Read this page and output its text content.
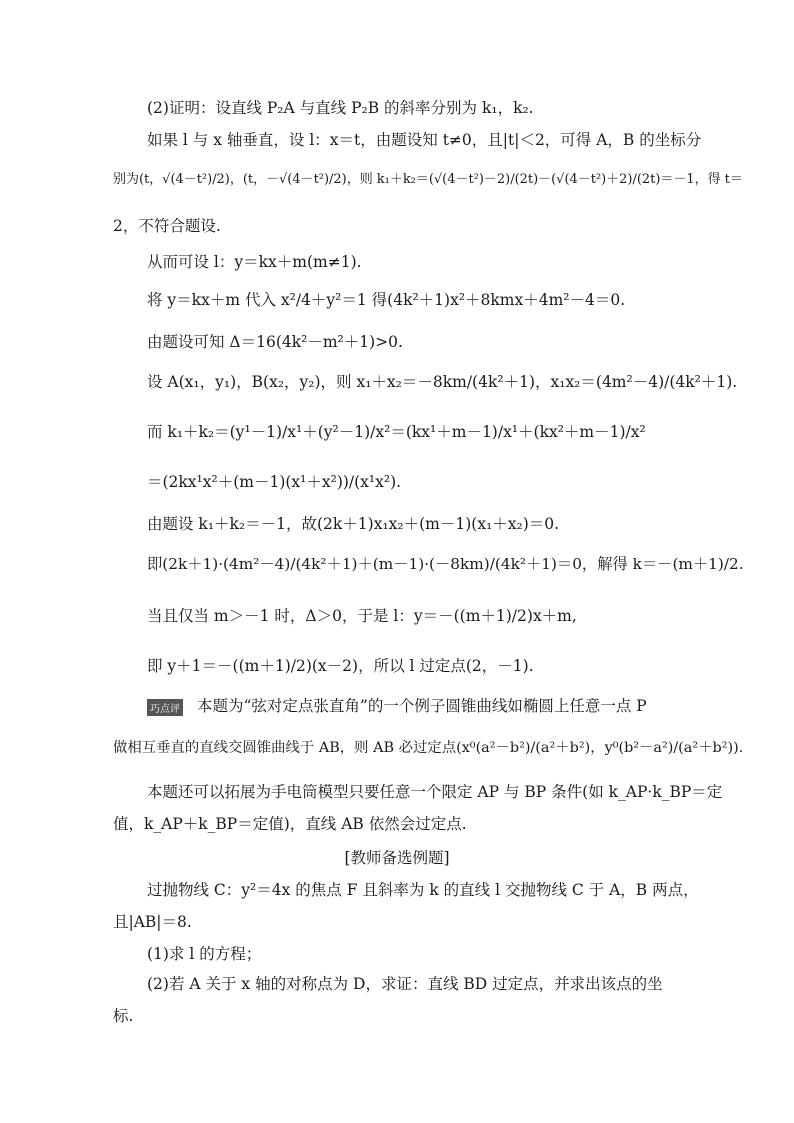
(2)证明：设直线 P₂A 与直线 P₂B 的斜率分别为 k₁，k₂.
如果 l 与 x 轴垂直，设 l：x＝t，由题设知 t≠0，且|t|＜2，可得 A，B 的坐标分
别为(t，√(4－t²)/2)，(t，－√(4－t²)/2)，则 k₁＋k₂＝(√(4－t²)－2)/(2t)－(√(4－t²)＋2)/(2t)＝－1，得 t＝
2，不符合题设.
从而可设 l：y＝kx＋m(m≠1).
将 y＝kx＋m 代入 x²/4＋y²＝1 得(4k²＋1)x²＋8kmx＋4m²－4＝0.
由题设可知 Δ＝16(4k²－m²＋1)>0.
设 A(x₁，y₁)，B(x₂，y₂)，则 x₁＋x₂＝－8km/(4k²＋1)，x₁x₂＝(4m²－4)/(4k²＋1).
而 k₁＋k₂＝(y¹－1)/x¹＋(y²－1)/x²＝(kx¹＋m－1)/x¹＋(kx²＋m－1)/x²
＝(2kx¹x²＋(m－1)(x¹＋x²))/(x¹x²).
由题设 k₁＋k₂＝－1，故(2k＋1)x₁x₂＋(m－1)(x₁＋x₂)＝0.
即(2k＋1)·(4m²－4)/(4k²＋1)＋(m－1)·(－8km)/(4k²＋1)＝0，解得 k＝－(m＋1)/2.
当且仅当 m＞－1 时，Δ＞0，于是 l：y＝－((m＋1)/2)x＋m,
即 y＋1＝－((m＋1)/2)(x－2)，所以 l 过定点(2，－1).
巧点评 本题为“弦对定点张直角”的一个例子圆锥曲线如椭圆上任意一点 P
做相互垂直的直线交圆锥曲线于 AB，则 AB 必过定点(x⁰(a²－b²)/(a²＋b²)，y⁰(b²－a²)/(a²＋b²)).
本题还可以拓展为手电筒模型只要任意一个限定 AP 与 BP 条件(如 k_AP·k_BP＝定
值，k_AP＋k_BP＝定值)，直线 AB 依然会过定点.
[教师备选例题]
过抛物线 C：y²＝4x 的焦点 F 且斜率为 k 的直线 l 交抛物线 C 于 A，B 两点，
且|AB|＝8.
(1)求 l 的方程；
(2)若 A 关于 x 轴的对称点为 D，求证：直线 BD 过定点，并求出该点的坐
标.
